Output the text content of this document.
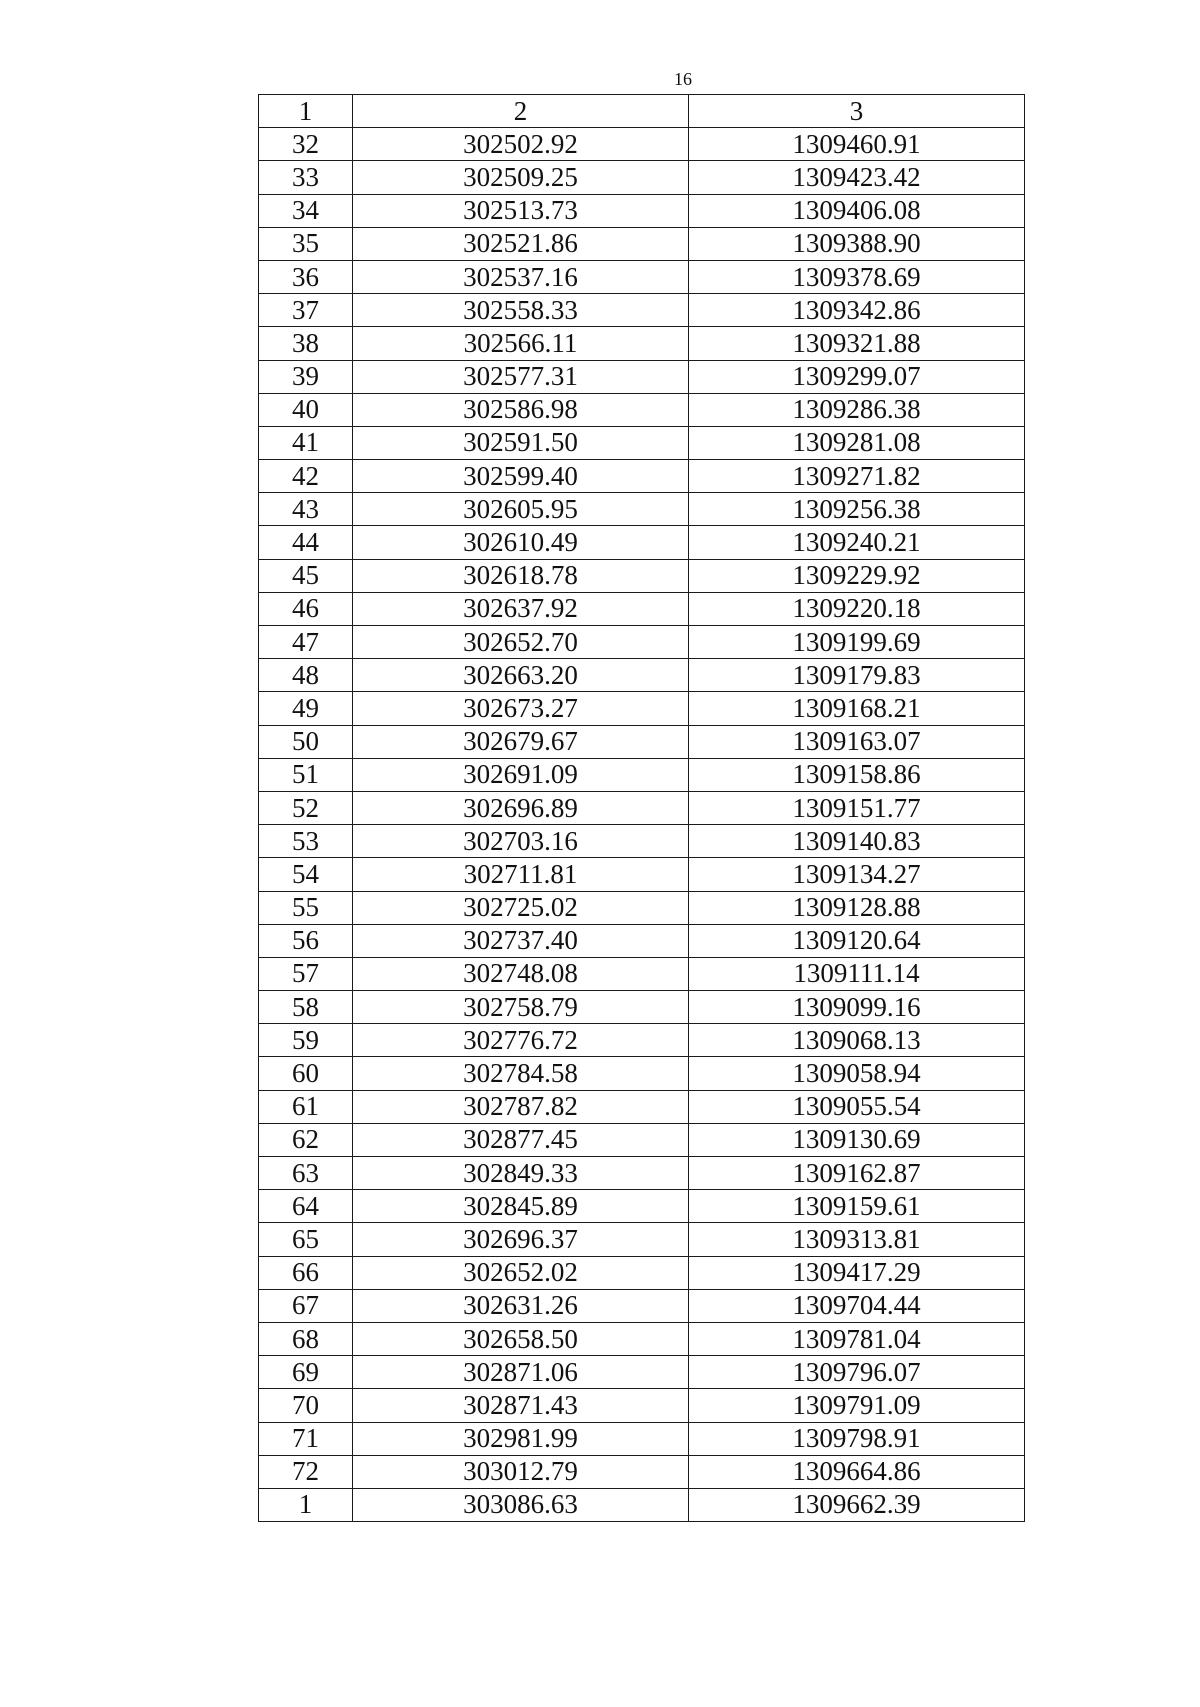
16
1	2	3
32	302502.92	1309460.91
33	302509.25	1309423.42
34	302513.73	1309406.08
35	302521.86	1309388.90
36	302537.16	1309378.69
37	302558.33	1309342.86
38	302566.11	1309321.88
39	302577.31	1309299.07
40	302586.98	1309286.38
41	302591.50	1309281.08
42	302599.40	1309271.82
43	302605.95	1309256.38
44	302610.49	1309240.21
45	302618.78	1309229.92
46	302637.92	1309220.18
47	302652.70	1309199.69
48	302663.20	1309179.83
49	302673.27	1309168.21
50	302679.67	1309163.07
51	302691.09	1309158.86
52	302696.89	1309151.77
53	302703.16	1309140.83
54	302711.81	1309134.27
55	302725.02	1309128.88
56	302737.40	1309120.64
57	302748.08	1309111.14
58	302758.79	1309099.16
59	302776.72	1309068.13
60	302784.58	1309058.94
61	302787.82	1309055.54
62	302877.45	1309130.69
63	302849.33	1309162.87
64	302845.89	1309159.61
65	302696.37	1309313.81
66	302652.02	1309417.29
67	302631.26	1309704.44
68	302658.50	1309781.04
69	302871.06	1309796.07
70	302871.43	1309791.09
71	302981.99	1309798.91
72	303012.79	1309664.86
1	303086.63	1309662.39
